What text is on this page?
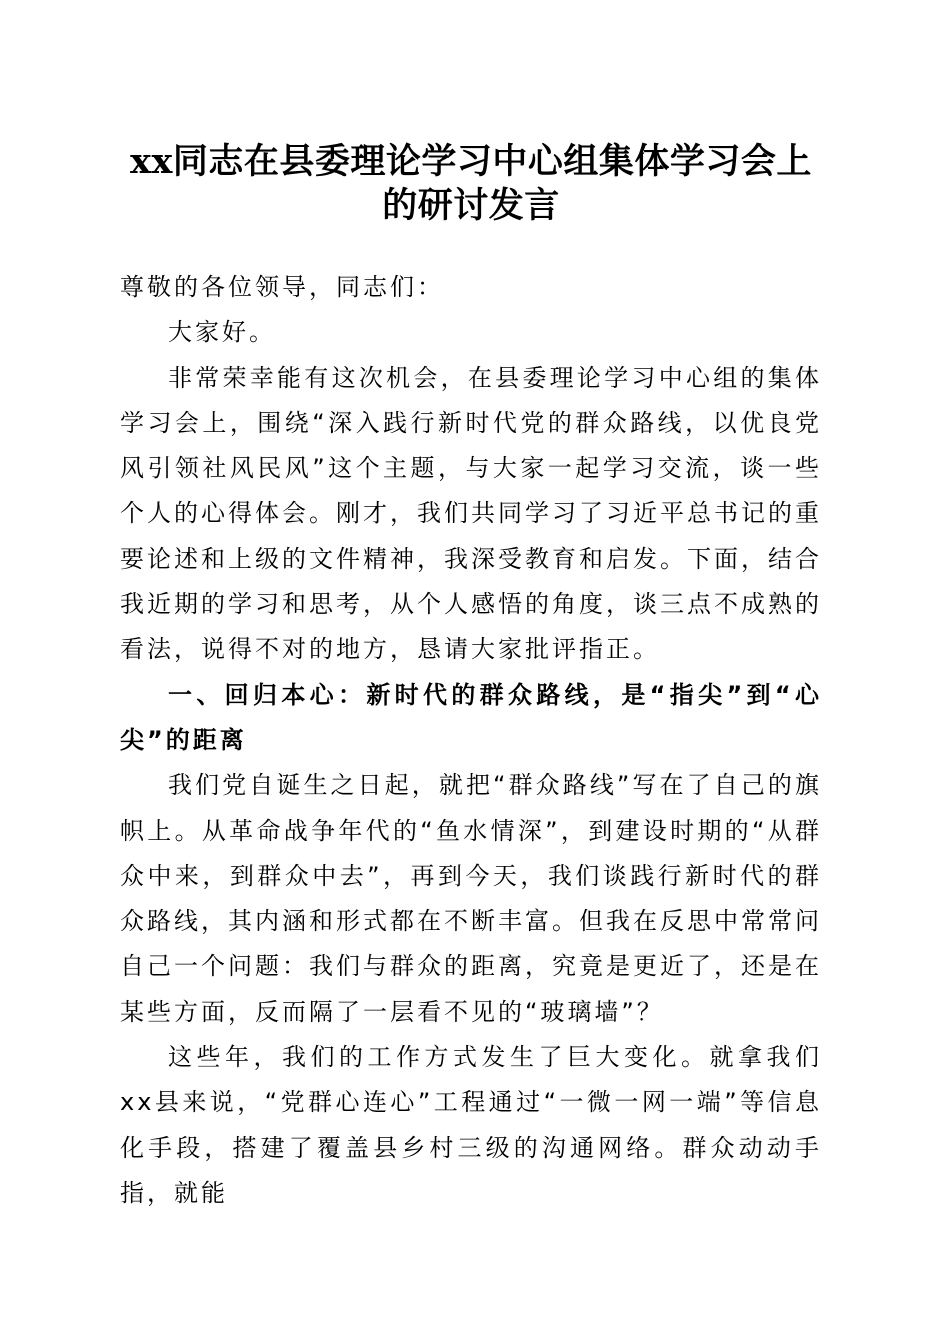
xx同志在县委理论学习中心组集体学习会上
的研讨发言

尊敬的各位领导，同志们：

大家好。

非常荣幸能有这次机会，在县委理论学习中心组的集体学习会上，围绕“深入践行新时代党的群众路线，以优良党风引领社风民风”这个主题，与大家一起学习交流，谈一些个人的心得体会。刚才，我们共同学习了习近平总书记的重要论述和上级的文件精神，我深受教育和启发。下面，结合我近期的学习和思考，从个人感悟的角度，谈三点不成熟的看法，说得不对的地方，恳请大家批评指正。

一、回归本心：新时代的群众路线，是“指尖”到“心尖”的距离

我们党自诞生之日起，就把“群众路线”写在了自己的旗帜上。从革命战争年代的“鱼水情深”，到建设时期的“从群众中来，到群众中去”，再到今天，我们谈践行新时代的群众路线，其内涵和形式都在不断丰富。但我在反思中常常问自己一个问题：我们与群众的距离，究竟是更近了，还是在某些方面，反而隔了一层看不见的“玻璃墙”？

这些年，我们的工作方式发生了巨大变化。就拿我们xx县来说，“党群心连心”工程通过“一微一网一端”等信息化手段，搭建了覆盖县乡村三级的沟通网络。群众动动手指，就能
